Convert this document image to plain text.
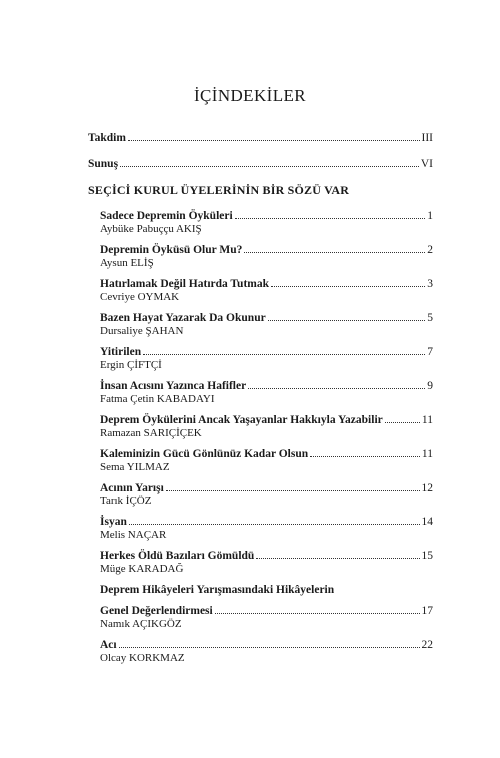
İÇİNDEKİLER
Takdim	III
Sunuş	VI
SEÇİCİ KURUL ÜYELERİNİN BİR SÖZÜ VAR
Sadece Depremin Öyküleri	1
Aybüke Pabuççu AKIŞ
Depremin Öyküsü Olur Mu?	2
Aysun ELİŞ
Hatırlamak Değil Hatırda Tutmak	3
Cevriye OYMAK
Bazen Hayat Yazarak Da Okunur	5
Dursaliye ŞAHAN
Yitirilen	7
Ergin ÇİFTÇİ
İnsan Acısını Yazınca Hafifler	9
Fatma Çetin KABADAYI
Deprem Öykülerini Ancak Yaşayanlar Hakkıyla Yazabilir	11
Ramazan SARIÇİÇEK
Kaleminizin Gücü Gönlünüz Kadar Olsun	11
Sema YILMAZ
Acının Yarışı	12
Tarık İÇÖZ
İsyan	14
Melis NAÇAR
Herkes Öldü Bazıları Gömüldü	15
Müge KARADAĞ
Deprem Hikâyeleri Yarışmasındaki Hikâyelerin
Genel Değerlendirmesi	17
Namık AÇIKGÖZ
Acı	22
Olcay KORKMAZ
